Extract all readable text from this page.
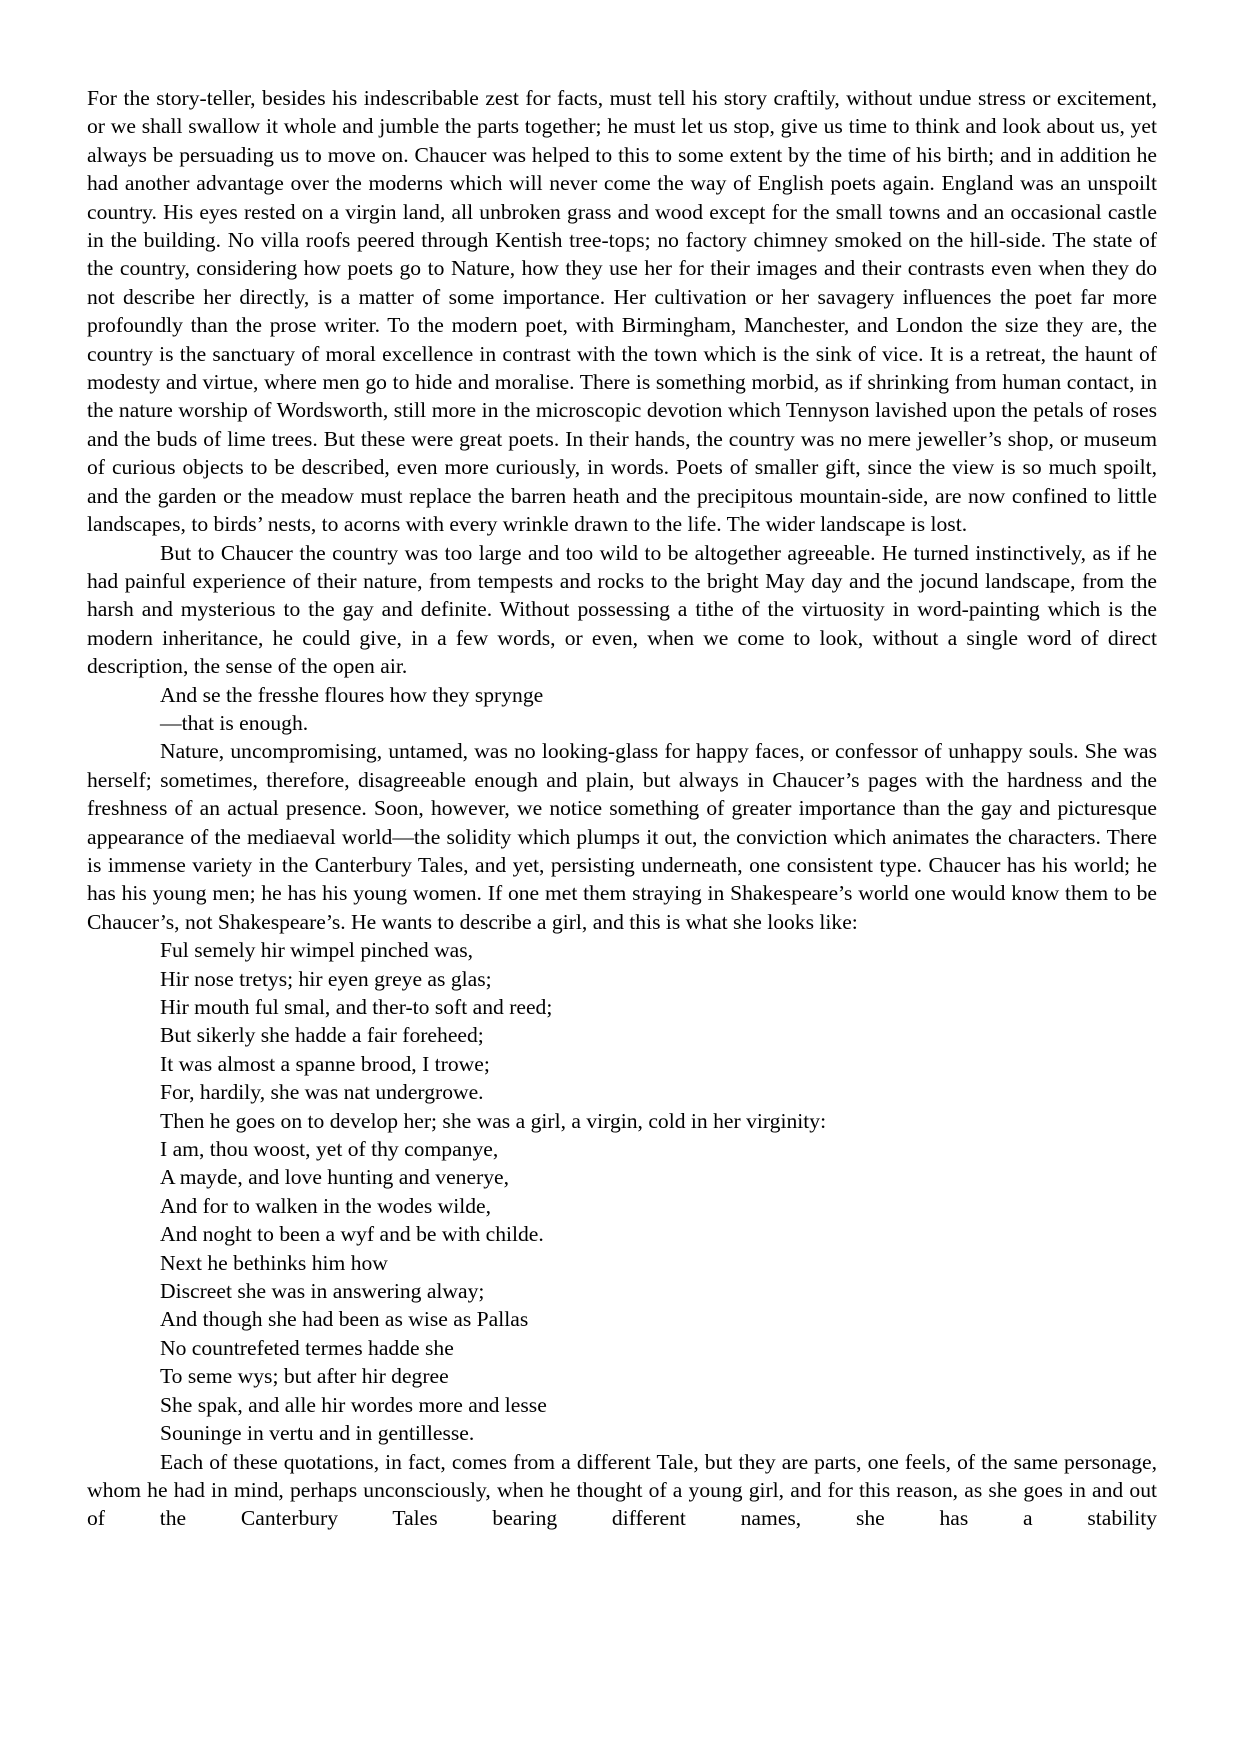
For the story-teller, besides his indescribable zest for facts, must tell his story craftily, without undue stress or excitement, or we shall swallow it whole and jumble the parts together; he must let us stop, give us time to think and look about us, yet always be persuading us to move on. Chaucer was helped to this to some extent by the time of his birth; and in addition he had another advantage over the moderns which will never come the way of English poets again. England was an unspoilt country. His eyes rested on a virgin land, all unbroken grass and wood except for the small towns and an occasional castle in the building. No villa roofs peered through Kentish tree-tops; no factory chimney smoked on the hill-side. The state of the country, considering how poets go to Nature, how they use her for their images and their contrasts even when they do not describe her directly, is a matter of some importance. Her cultivation or her savagery influences the poet far more profoundly than the prose writer. To the modern poet, with Birmingham, Manchester, and London the size they are, the country is the sanctuary of moral excellence in contrast with the town which is the sink of vice. It is a retreat, the haunt of modesty and virtue, where men go to hide and moralise. There is something morbid, as if shrinking from human contact, in the nature worship of Wordsworth, still more in the microscopic devotion which Tennyson lavished upon the petals of roses and the buds of lime trees. But these were great poets. In their hands, the country was no mere jeweller’s shop, or museum of curious objects to be described, even more curiously, in words. Poets of smaller gift, since the view is so much spoilt, and the garden or the meadow must replace the barren heath and the precipitous mountain-side, are now confined to little landscapes, to birds’ nests, to acorns with every wrinkle drawn to the life. The wider landscape is lost.

But to Chaucer the country was too large and too wild to be altogether agreeable. He turned instinctively, as if he had painful experience of their nature, from tempests and rocks to the bright May day and the jocund landscape, from the harsh and mysterious to the gay and definite. Without possessing a tithe of the virtuosity in word-painting which is the modern inheritance, he could give, in a few words, or even, when we come to look, without a single word of direct description, the sense of the open air.

And se the fresshe floures how they sprynge

—that is enough.

Nature, uncompromising, untamed, was no looking-glass for happy faces, or confessor of unhappy souls. She was herself; sometimes, therefore, disagreeable enough and plain, but always in Chaucer’s pages with the hardness and the freshness of an actual presence. Soon, however, we notice something of greater importance than the gay and picturesque appearance of the mediaeval world—the solidity which plumps it out, the conviction which animates the characters. There is immense variety in the Canterbury Tales, and yet, persisting underneath, one consistent type. Chaucer has his world; he has his young men; he has his young women. If one met them straying in Shakespeare’s world one would know them to be Chaucer’s, not Shakespeare’s. He wants to describe a girl, and this is what she looks like:

Ful semely hir wimpel pinched was,

Hir nose tretys; hir eyen greye as glas;

Hir mouth ful smal, and ther-to soft and reed;

But sikerly she hadde a fair foreheed;

It was almost a spanne brood, I trowe;

For, hardily, she was nat undergrowe.

Then he goes on to develop her; she was a girl, a virgin, cold in her virginity:

I am, thou woost, yet of thy companye,

A mayde, and love hunting and venerye,

And for to walken in the wodes wilde,

And noght to been a wyf and be with childe.

Next he bethinks him how

Discreet she was in answering alway;

And though she had been as wise as Pallas

No countrefeted termes hadde she

To seme wys; but after hir degree

She spak, and alle hir wordes more and lesse

Souninge in vertu and in gentillesse.

Each of these quotations, in fact, comes from a different Tale, but they are parts, one feels, of the same personage, whom he had in mind, perhaps unconsciously, when he thought of a young girl, and for this reason, as she goes in and out of the Canterbury Tales bearing different names, she has a stability
